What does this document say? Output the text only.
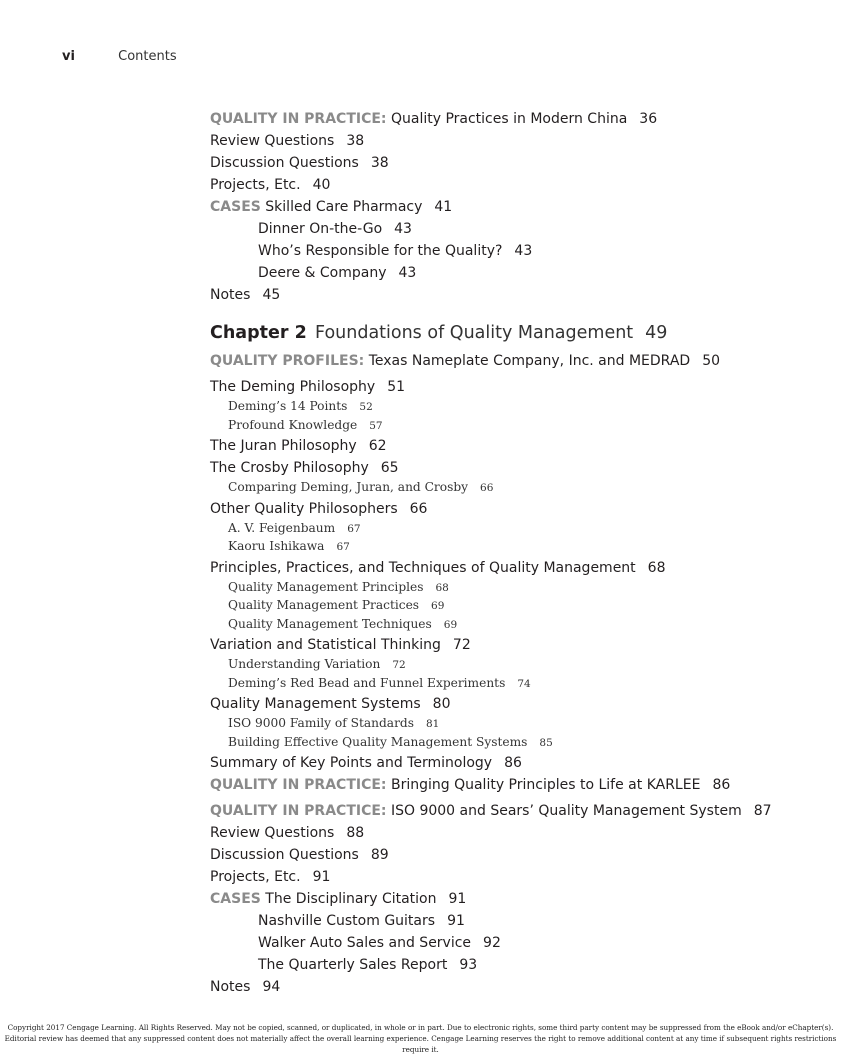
vi	Contents
QUALITY IN PRACTICE: Quality Practices in Modern China 36
Review Questions 38
Discussion Questions 38
Projects, Etc. 40
CASES Skilled Care Pharmacy 41
Dinner On-the-Go 43
Who’s Responsible for the Quality? 43
Deere & Company 43
Notes 45
Chapter 2 Foundations of Quality Management 49
QUALITY PROFILES: Texas Nameplate Company, Inc. and MEDRAD 50
The Deming Philosophy 51
Deming’s 14 Points 52
Profound Knowledge 57
The Juran Philosophy 62
The Crosby Philosophy 65
Comparing Deming, Juran, and Crosby 66
Other Quality Philosophers 66
A. V. Feigenbaum 67
Kaoru Ishikawa 67
Principles, Practices, and Techniques of Quality Management 68
Quality Management Principles 68
Quality Management Practices 69
Quality Management Techniques 69
Variation and Statistical Thinking 72
Understanding Variation 72
Deming’s Red Bead and Funnel Experiments 74
Quality Management Systems 80
ISO 9000 Family of Standards 81
Building Effective Quality Management Systems 85
Summary of Key Points and Terminology 86
QUALITY IN PRACTICE: Bringing Quality Principles to Life at KARLEE 86
QUALITY IN PRACTICE: ISO 9000 and Sears’ Quality Management System 87
Review Questions 88
Discussion Questions 89
Projects, Etc. 91
CASES The Disciplinary Citation 91
Nashville Custom Guitars 91
Walker Auto Sales and Service 92
The Quarterly Sales Report 93
Notes 94
Copyright 2017 Cengage Learning. All Rights Reserved. May not be copied, scanned, or duplicated, in whole or in part. Due to electronic rights, some third party content may be suppressed from the eBook and/or eChapter(s).
Editorial review has deemed that any suppressed content does not materially affect the overall learning experience. Cengage Learning reserves the right to remove additional content at any time if subsequent rights restrictions require it.
